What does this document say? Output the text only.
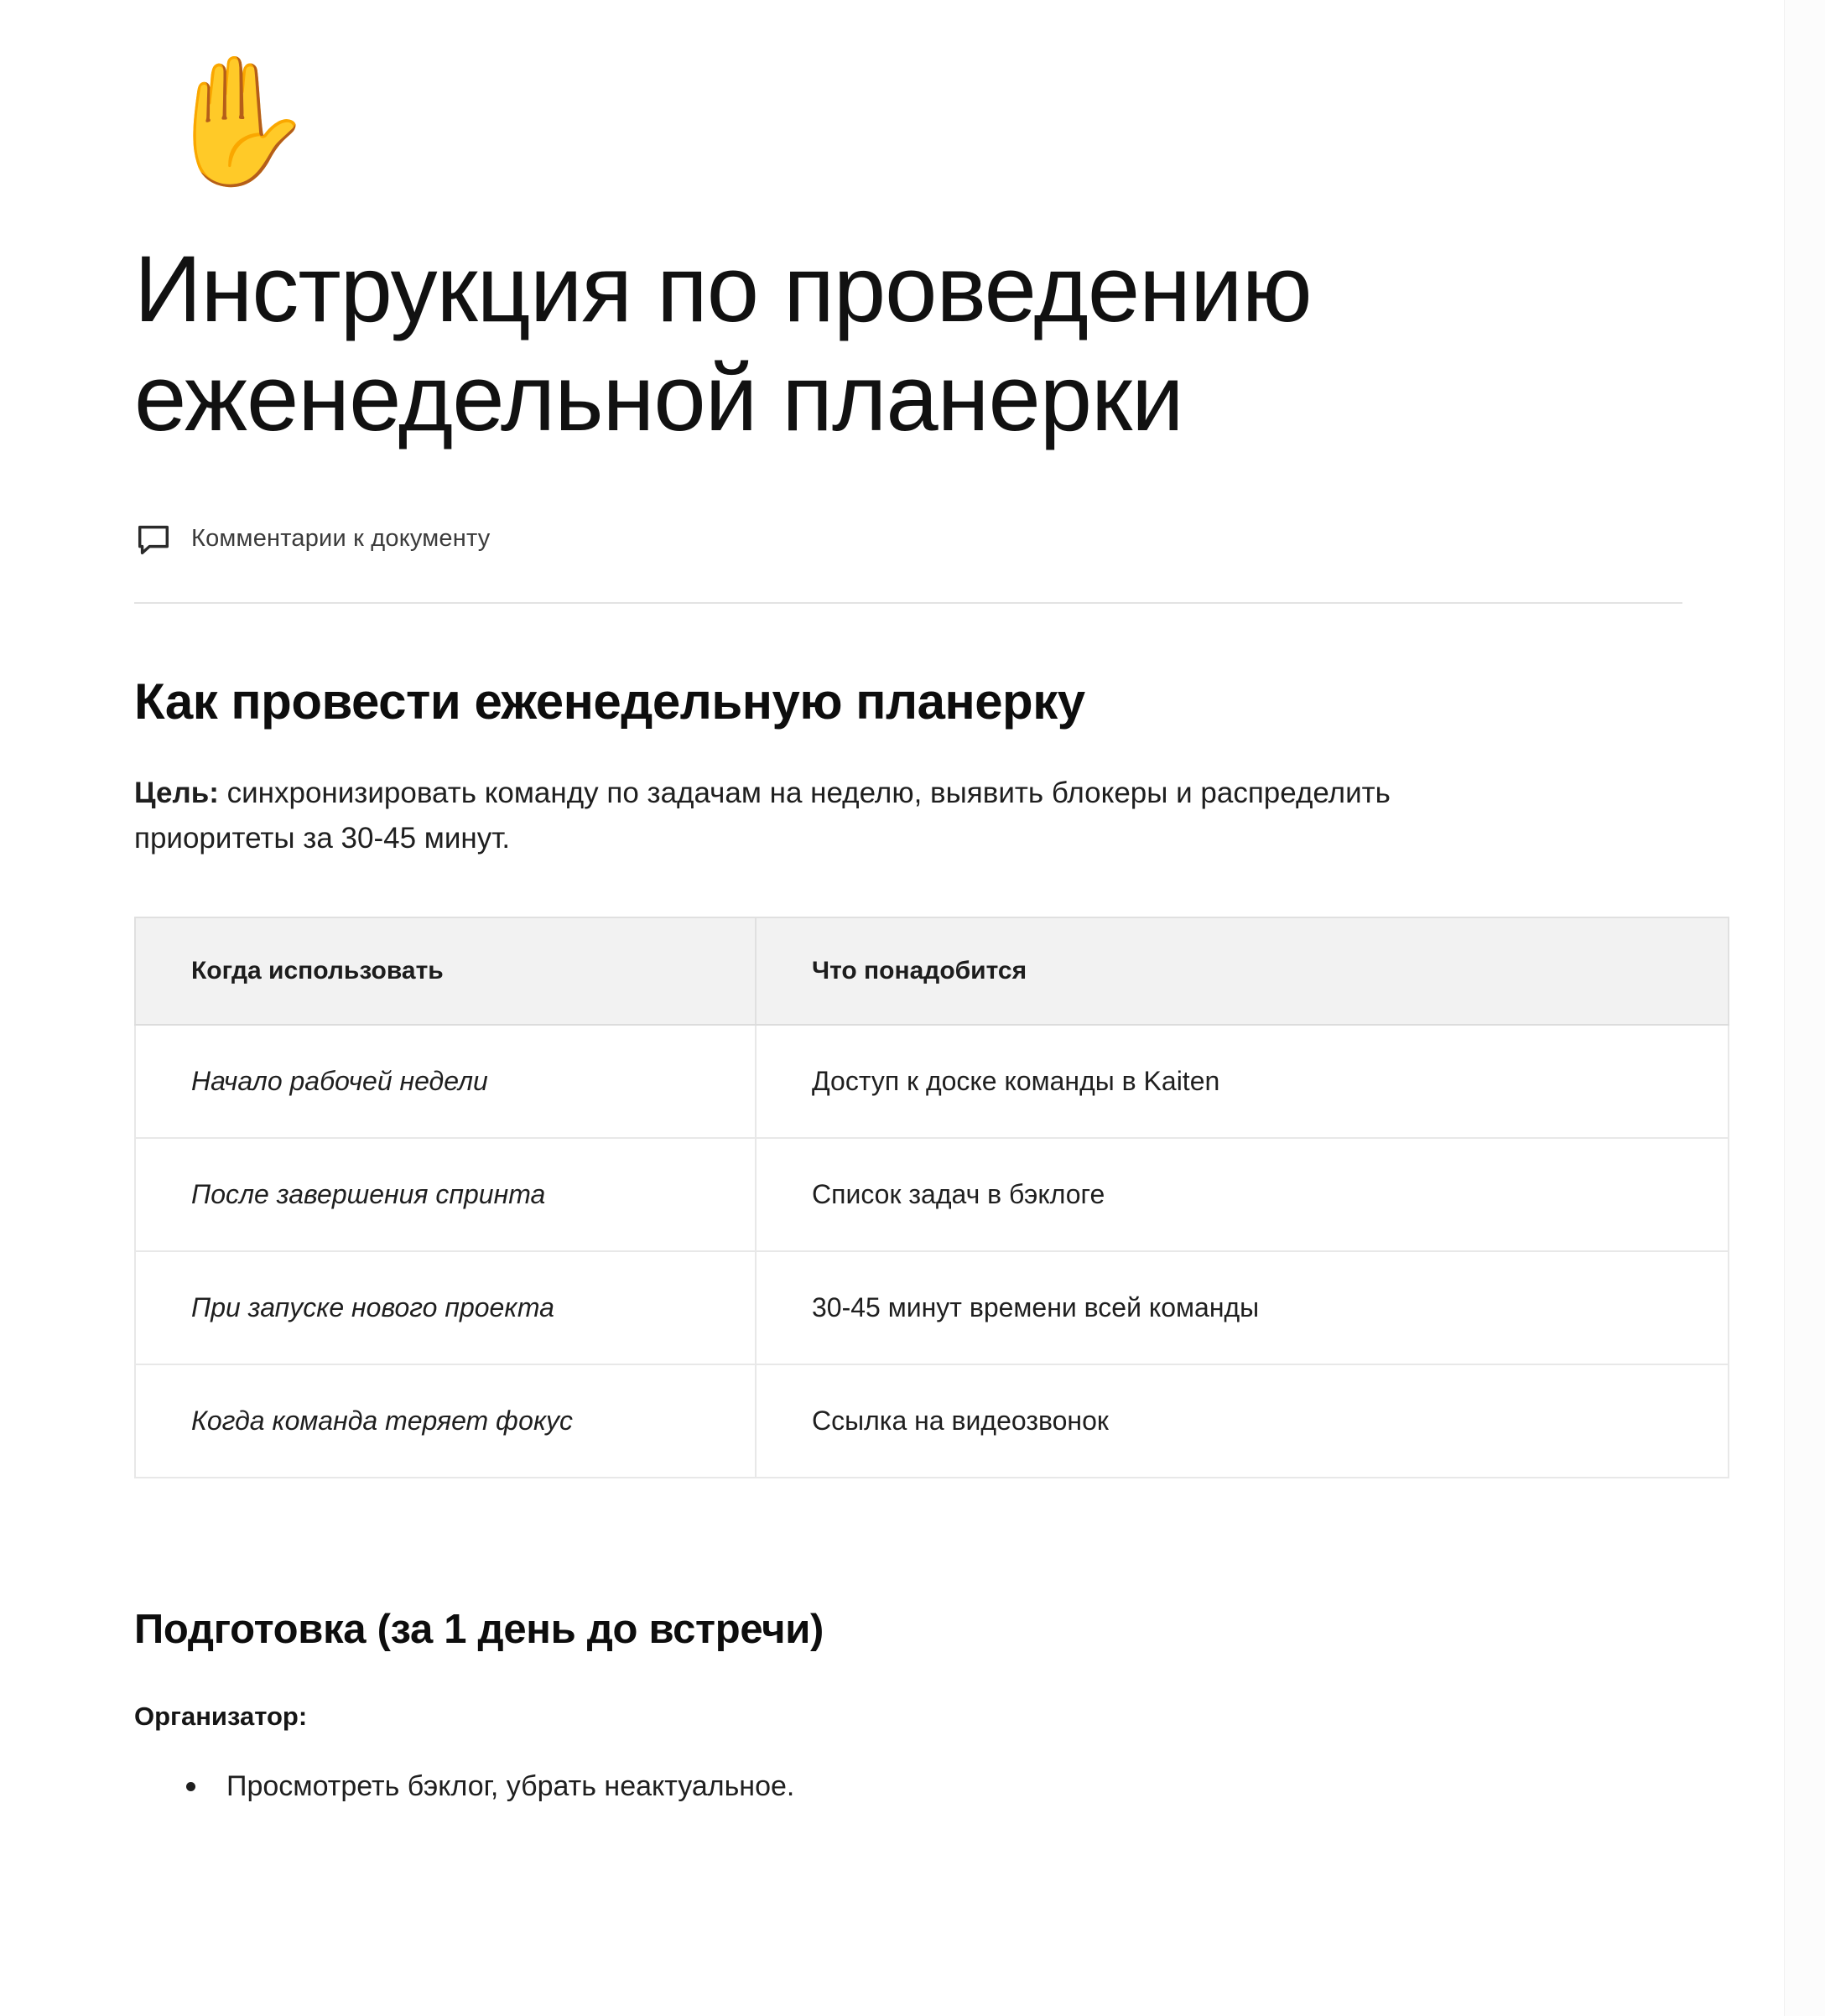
✋
Инструкция по проведению еженедельной планерки
Комментарии к документу
Как провести еженедельную планерку

Цель: синхронизировать команду по задачам на неделю, выявить блокеры и распределить приоритеты за 30-45 минут.

Когда использовать	Что понадобится
Начало рабочей недели	Доступ к доске команды в Kaiten
После завершения спринта	Список задач в бэклоге
При запуске нового проекта	30-45 минут времени всей команды
Когда команда теряет фокус	Ссылка на видеозвонок
Подготовка (за 1 день до встречи)

Организатор:

Просмотреть бэклог, убрать неактуальное.
